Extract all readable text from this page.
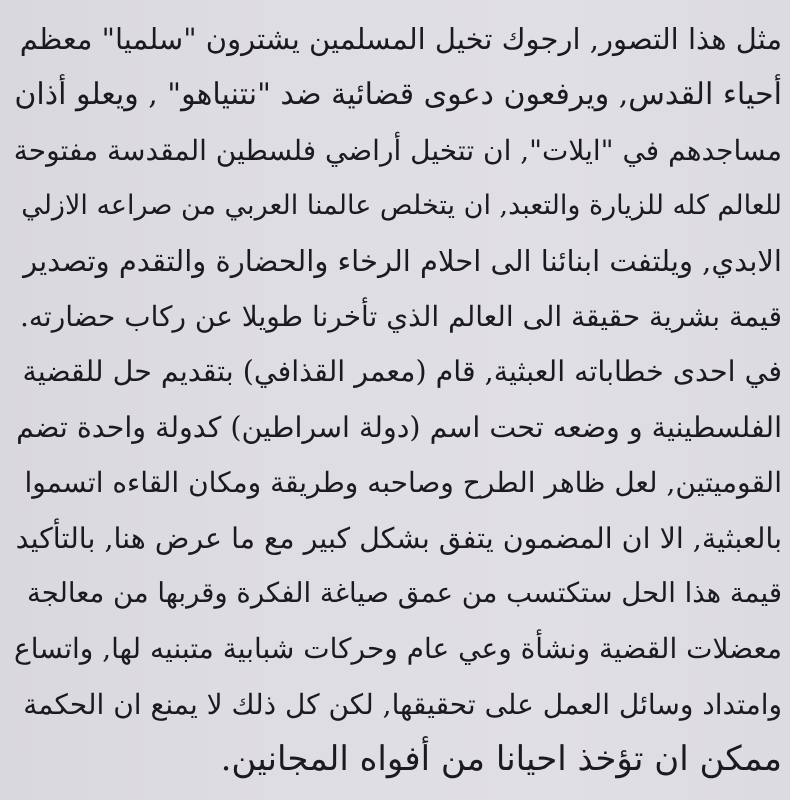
مثل هذا التصور, ارجوك تخيل المسلمين يشترون "سلميا" معظم
أحياء القدس, ويرفعون دعوى قضائية ضد "نتنياهو" , ويعلو أذان
مساجدهم في "ايلات", ان تتخيل أراضي فلسطين المقدسة مفتوحة
للعالم كله للزيارة والتعبد, ان يتخلص عالمنا العربي من صراعه الازلي
الابدي, ويلتفت ابنائنا الى احلام الرخاء والحضارة والتقدم وتصدير
قيمة بشرية حقيقة الى العالم الذي تأخرنا طويلا عن ركاب حضارته.
في احدى خطاباته العبثية, قام (معمر القذافي) بتقديم حل للقضية
الفلسطينية و وضعه تحت اسم (دولة اسراطين) كدولة واحدة تضم
القوميتين, لعل ظاهر الطرح وصاحبه وطريقة ومكان القاءه اتسموا
بالعبثية, الا ان المضمون يتفق بشكل كبير مع ما عرض هنا, بالتأكيد
قيمة هذا الحل ستكتسب من عمق صياغة الفكرة وقربها من معالجة
معضلات القضية ونشأة وعي عام وحركات شبابية متبنيه لها, واتساع
وامتداد وسائل العمل على تحقيقها, لكن كل ذلك لا يمنع ان الحكمة
ممكن ان تؤخذ احيانا من أفواه المجانين.
